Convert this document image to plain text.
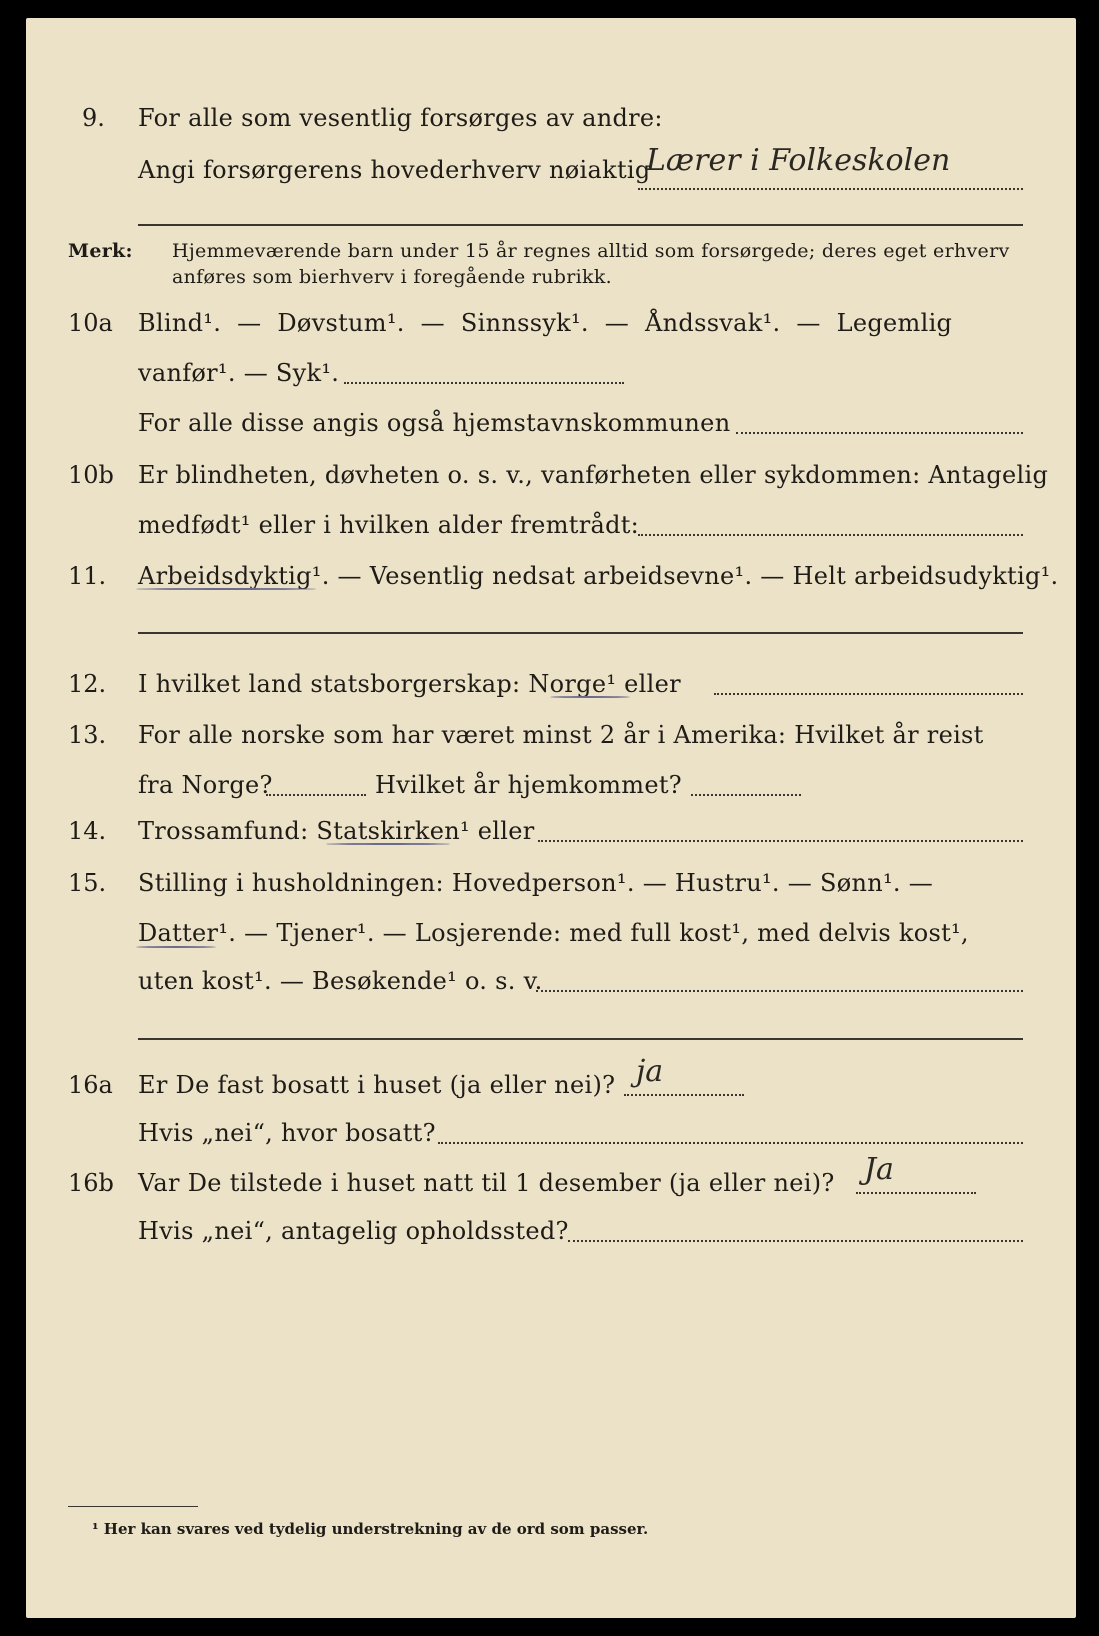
9. For alle som vesentlig forsørges av andre:
Angi forsørgerens hovederhverv nøiaktig
Lærer i Folkeskolen
Merk: Hjemmeværende barn under 15 år regnes alltid som forsørgede; deres eget erhverv
anføres som bierhverv i foregående rubrikk.
10a Blind¹. — Døvstum¹. — Sinnssyk¹. — Åndssvak¹. — Legemlig
vanfør¹. — Syk¹.
For alle disse angis også hjemstavnskommunen
10b Er blindheten, døvheten o. s. v., vanførheten eller sykdommen: Antagelig
medfødt¹ eller i hvilken alder fremtrådt:
11. Arbeidsdyktig¹. — Vesentlig nedsat arbeidsevne¹. — Helt arbeidsudyktig¹.
12. I hvilket land statsborgerskap: Norge¹ eller
13. For alle norske som har været minst 2 år i Amerika: Hvilket år reist
fra Norge?	Hvilket år hjemkommet?
14. Trossamfund: Statskirken¹ eller
15. Stilling i husholdningen: Hovedperson¹. — Hustru¹. — Sønn¹. —
Datter¹. — Tjener¹. — Losjerende: med full kost¹, med delvis kost¹,
uten kost¹. — Besøkende¹ o. s. v.
16a Er De fast bosatt i huset (ja eller nei)? ja
Hvis „nei“, hvor bosatt?
16b Var De tilstede i huset natt til 1 desember (ja eller nei)? Ja
Hvis „nei“, antagelig opholdssted?
¹ Her kan svares ved tydelig understrekning av de ord som passer.
